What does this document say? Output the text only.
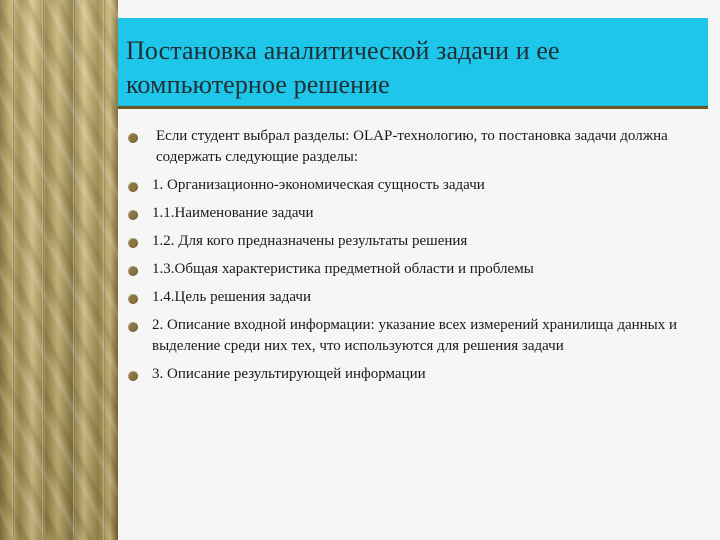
Постановка аналитической задачи и ее компьютерное решение
Если студент выбрал разделы: OLAP-технологию, то постановка задачи должна содержать следующие разделы:
1. Организационно-экономическая сущность задачи
1.1.Наименование задачи
1.2. Для кого предназначены результаты решения
1.3.Общая характеристика предметной области и проблемы
1.4.Цель решения задачи
2. Описание входной информации: указание всех измерений хранилища данных и выделение среди них тех, что используются для решения задачи
3. Описание результирующей информации
